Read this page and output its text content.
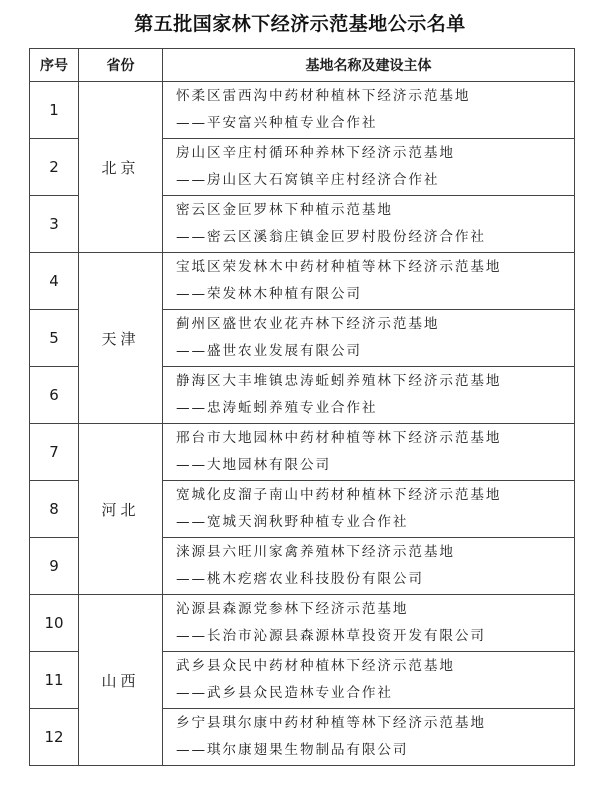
第五批国家林下经济示范基地公示名单
序号	省份	基地名称及建设主体
1	北京	怀柔区雷西沟中药材种植林下经济示范基地
——平安富兴种植专业合作社

2		房山区辛庄村循环种养林下经济示范基地
——房山区大石窝镇辛庄村经济合作社

3		密云区金叵罗林下种植示范基地
——密云区溪翁庄镇金叵罗村股份经济合作社

4	天津	宝坻区荣发林木中药材种植等林下经济示范基地
——荣发林木种植有限公司

5		蓟州区盛世农业花卉林下经济示范基地
——盛世农业发展有限公司

6		静海区大丰堆镇忠涛蚯蚓养殖林下经济示范基地
——忠涛蚯蚓养殖专业合作社

7	河北	邢台市大地园林中药材种植等林下经济示范基地
——大地园林有限公司

8		宽城化皮溜子南山中药材种植林下经济示范基地
——宽城天润秋野种植专业合作社

9		涞源县六旺川家禽养殖林下经济示范基地
——桃木疙瘩农业科技股份有限公司

10	山西	沁源县森源党参林下经济示范基地
——长治市沁源县森源林草投资开发有限公司

11		武乡县众民中药材种植林下经济示范基地
——武乡县众民造林专业合作社

12		乡宁县琪尔康中药材种植等林下经济示范基地
——琪尔康翅果生物制品有限公司
